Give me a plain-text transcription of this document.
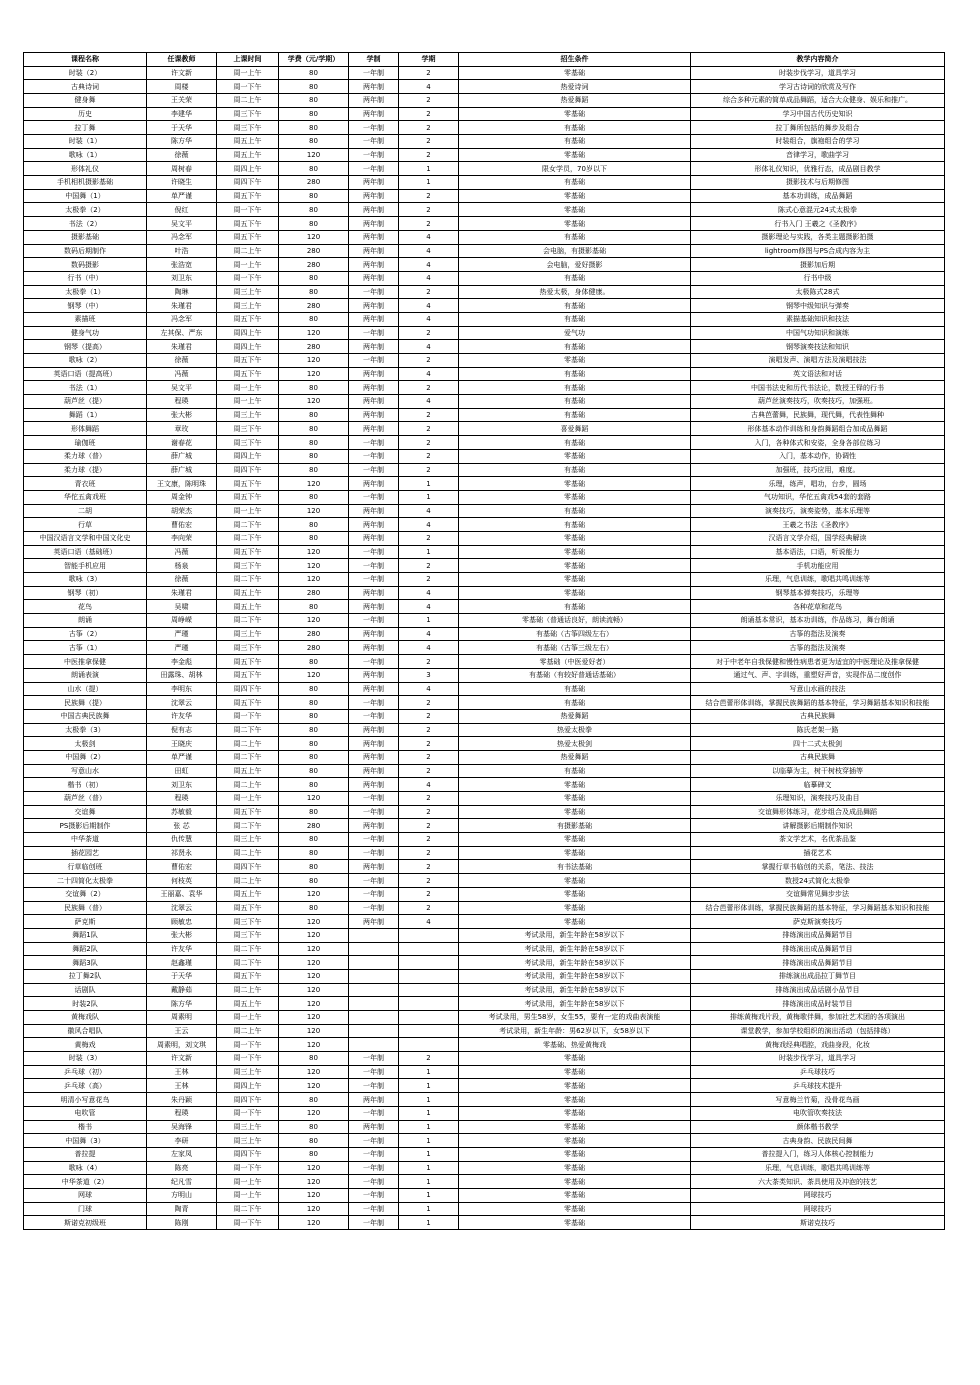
课程名称	任课教师	上课时间	学费（元/学期）	学制	学期	招生条件	教学内容简介
时装（2）	许文新	周一上午	80	一年制	2	零基础	时装步伐学习，道具学习
古典诗词	周楼	周一下午	80	两年制	4	热爱诗词	学习古诗词的欣赏及写作
健身舞	王关荣	周二上午	80	两年制	2	热爱舞蹈	综合多种元素的简单成品舞蹈，适合大众健身、娱乐和推广。
历史	李建华	周三下午	80	两年制	2	零基础	学习中国古代历史知识
拉丁舞	于天华	周三下午	80	一年制	2	有基础	拉丁舞所包括的舞步及组合
时装（1）	陈方华	周五上午	80	一年制	2	有基础	时装组合，旗袍组合的学习
歌咏（1）	徐薇	周五上午	120	一年制	2	零基础	音律学习，歌曲学习
形体礼仪	周树春	周四上午	80	一年制	1	限女学员，70岁以下	形体礼仪知识，优雅行态，成品剧目教学
手机相机摄影基础	许晓生	周四下午	280	两年制	1	有基础	摄影技术与后期修图
中国舞（1）	单严谨	周五下午	80	两年制	2	零基础	基本功训练，成品舞蹈
太极拳（2）	倪红	周一下午	80	两年制	2	零基础	陈式心意混元24式太极拳
书法（2）	吴文平	周五下午	80	两年制	2	零基础	行书入门 王羲之《圣教序》
摄影基础	冯念军	周五下午	120	两年制	4	有基础	摄影理论与实践，各类主题摄影拍摄
数码后期制作	叶浩	周二上午	280	两年制	4	会电脑，有摄影基础	lightroom修图与PS合成内容为主
数码摄影	张浩宽	周一上午	280	两年制	4	会电脑，爱好摄影	摄影加后期
行书（中）	刘卫东	周一下午	80	两年制	4	有基础	行书中级
太极拳（1）	陶琳	周三上午	80	一年制	2	热爱太极，身体健康。	太极陈式28式
钢琴（中）	朱瑾君	周三上午	280	两年制	4	有基础	钢琴中级知识与弹奏
素描班	冯念军	周五下午	80	两年制	4	有基础	素描基础知识和技法
健身气功	左其保、严东	周四上午	120	一年制	2	爱气功	中国气功知识和演练
钢琴（提高）	朱瑾君	周四上午	280	两年制	4	有基础	钢琴演奏技法和知识
歌咏（2）	徐薇	周五下午	120	一年制	2	零基础	演唱发声、演唱方法及演唱技法
英语口语（提高班）	冯薇	周五下午	120	两年制	4	有基础	英文语法和对话
书法（1）	吴文平	周一上午	80	两年制	2	有基础	中国书法史和历代书法论，数授王铎的行书
葫芦丝（提）	程瑛	周一上午	120	两年制	4	有基础	葫芦丝演奏技巧，吹奏技巧，加强班。
舞蹈（1）	张大彬	周三上午	80	两年制	2	有基础	古典芭蕾舞，民族舞，现代舞，代表性舞种
形体舞蹈	章玫	周三下午	80	两年制	2	喜爱舞蹈	形体基本动作训练和身韵舞蹈组合加成品舞蹈
瑜伽班	谢春花	周三下午	80	一年制	2	有基础	入门，各种体式和安姿，全身各部位练习
柔力球（普）	薛广城	周四上午	80	一年制	2	零基础	入门，基本动作，协调性
柔力球（提）	薛广城	周四下午	80	一年制	2	有基础	加强班，技巧应用，难度。
青衣班	王文康，陈明珠	周五下午	120	两年制	1	零基础	乐理，练声，唱功，台步，圆场
华佗五禽戏班	周金钟	周五下午	80	一年制	1	零基础	气功知识，华佗五禽戏54套的套路
二胡	胡荣杰	周一上午	120	两年制	4	有基础	演奏技巧，演奏姿势，基本乐理等
行草	曹佑宏	周二下午	80	两年制	4	有基础	王羲之书法《圣教序》
中国汉语言文学和中国文化史	李向荣	周二下午	80	两年制	2	零基础	汉语言文学介绍，国学经典解读
英语口语（基础班）	冯薇	周五下午	120	一年制	1	零基础	基本语法，口语，听说能力
智能手机应用	杨泉	周三下午	120	一年制	2	零基础	手机功能应用
歌咏（3）	徐薇	周二下午	120	一年制	2	零基础	乐理，气息训练，歌唱共鸣训练等
钢琴（初）	朱瑾君	周五上午	280	两年制	4	零基础	钢琴基本弹奏技巧，乐理等
花鸟	吴啸	周五上午	80	两年制	4	有基础	各种花草和花鸟
朗诵	周峥嵘	周二下午	120	一年制	1	零基础（普通话良好，朗读流畅）	朗诵基本常识，基本功训练，作品练习，舞台朗诵
古筝（2）	严瑾	周三上午	280	两年制	4	有基础（古筝四级左右）	古筝的指法及演奏
古筝（1）	严瑾	周三下午	280	两年制	4	有基础（古筝三级左右）	古筝的指法及演奏
中医推拿保健	李金彪	周五下午	80	一年制	2	零基础（中医爱好者）	对于中老年自我保健和慢性病患者更为适宜的中医理论及推拿保健
朗诵表演	田露珠、胡林	周五下午	120	两年制	3	有基础（有较好普通话基础）	通过气、声、字训练，重塑好声音，实现作品二度创作
山水（提）	李明东	周四下午	80	两年制	4	有基础	写意山水画的技法
民族舞（提）	沈翠云	周五下午	80	一年制	2	有基础	结合芭蕾形体训练，掌握民族舞蹈的基本特征，学习舞蹈基本知识和技能
中国古典民族舞	许友华	周一下午	80	一年制	2	热爱舞蹈	古典民族舞
太极拳（3）	倪有志	周二下午	80	两年制	2	热爱太极拳	陈氏老架一路
太极剑	王晓庆	周二上午	80	两年制	2	热爱太极剑	四十二式太极剑
中国舞（2）	单严谨	周二下午	80	两年制	2	热爱舞蹈	古典民族舞
写意山水	田虹	周五上午	80	两年制	2	有基础	以临摹为主，树干树枝穿插等
楷书（初）	刘卫东	周二上午	80	两年制	4	零基础	临摹碑文
葫芦丝（普）	程瑛	周一上午	120	一年制	2	零基础	乐理知识，演奏技巧及曲目
交谊舞	苏敏毅	周五下午	80	一年制	2	零基础	交谊舞形体练习，花步组合及成品舞蹈
PS摄影后期制作	张 芯	周二下午	280	两年制	2	有摄影基础	讲解摄影后期制作知识
中华茶道	仇传慧	周三上午	80	一年制	2	零基础	茶文学艺术，名优茶品鉴
插花园艺	祁贤永	周二上午	80	一年制	2	零基础	插花艺术
行草临创班	曹佑宏	周四下午	80	两年制	2	有书法基础	掌握行草书临创的关系，笔法、技法
二十四简化太极拳	何枝英	周二上午	80	一年制	2	零基础	数授24式简化太极拳
交谊舞（2）	王丽嘉、袁华	周五上午	120	一年制	2	零基础	交谊舞常见舞步步法
民族舞（普）	沈翠云	周五下午	80	一年制	2	零基础	结合芭蕾形体训练，掌握民族舞蹈的基本特征，学习舞蹈基本知识和技能
萨克斯	顾敏忠	周三下午	120	两年制	4	零基础	萨克斯演奏技巧
舞蹈1队	张大彬	周三下午	120			考试录用，新生年龄在58岁以下	排练演出成品舞蹈节目
舞蹈2队	许友华	周二下午	120			考试录用，新生年龄在58岁以下	排练演出成品舞蹈节目
舞蹈3队	赵鑫瑾	周二下午	120			考试录用，新生年龄在58岁以下	排练演出成品舞蹈节目
拉丁舞2队	于天华	周五下午	120			考试录用，新生年龄在58岁以下	排练演出成品拉丁舞节目
话剧队	戴静茹	周二上午	120			考试录用，新生年龄在58岁以下	排练演出成品话剧小品节目
时装2队	陈方华	周五上午	120			考试录用，新生年龄在58岁以下	排练演出成品时装节目
黄梅戏队	周素明	周一上午	120			考试录用，男生58岁，女生55，要有一定的戏曲表演能	排练黄梅戏片段，黄梅歌伴舞，参加社艺术团的各项演出
徽风合唱队	王云	周二上午	120			考试录用，新生年龄：男62岁以下，女58岁以下	课堂教学，参加学校组织的演出活动（包括排练）
黄梅戏	周素明，刘文琪	周一下午	120			零基础、热爱黄梅戏	黄梅戏经典唱腔，戏曲身段，化妆
时装（3）	许文新	周一下午	80	一年制	2	零基础	时装步伐学习，道具学习
乒乓球（初）	王林	周三上午	120	一年制	1	零基础	乒乓球技巧
乒乓球（高）	王林	周四上午	120	一年制	1	零基础	乒乓球技术提升
明清小写意花鸟	朱丹颖	周四下午	80	两年制	1	零基础	写意梅兰竹菊，没骨花鸟画
电吹管	程瑛	周一下午	120	一年制	1	零基础	电吹管吹奏技法
楷书	吴海锋	周三上午	80	两年制	1	零基础	颜体楷书教学
中国舞（3）	李研	周三上午	80	一年制	1	零基础	古典身韵、民族民间舞
普拉提	左家凤	周四下午	80	一年制	1	零基础	普拉提入门，练习人体核心控制能力
歌咏（4）	陈亮	周一下午	120	一年制	1	零基础	乐理，气息训练，歌唱共鸣训练等
中华茶道（2）	纪凡雪	周一上午	120	一年制	1	零基础	六大茶类知识、茶具使用及冲泡的技艺
网球	方明山	周一上午	120	一年制	1	零基础	网球技巧
门球	陶青	周二下午	120	一年制	1	零基础	网球技巧
斯诺克初级班	陈刚	周一下午	120	一年制	1	零基础	斯诺克技巧
